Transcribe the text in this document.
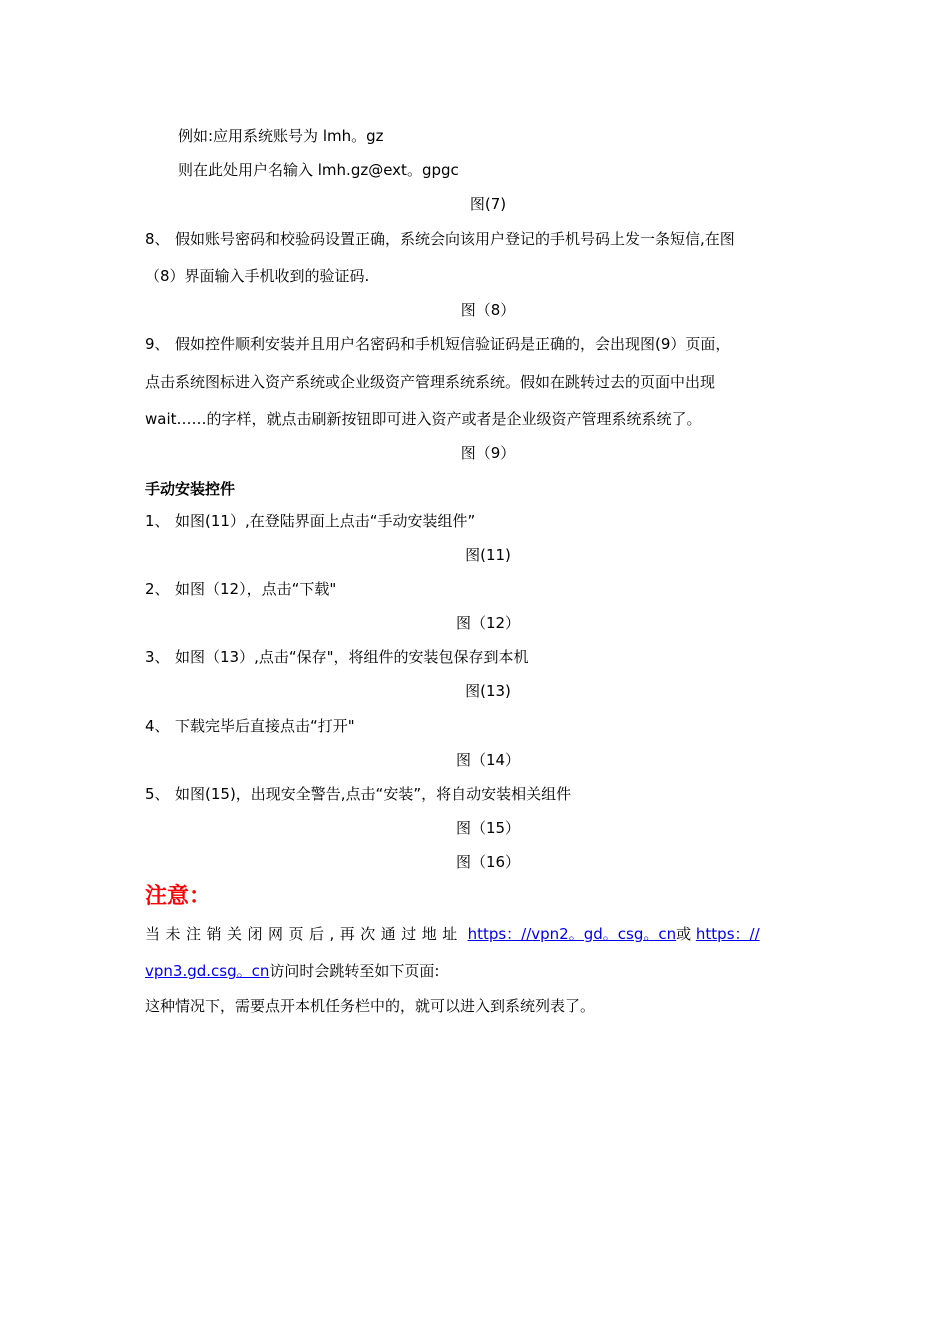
例如:应用系统账号为 lmh。gz
则在此处用户名输入 lmh.gz@ext。gpgc
图(7)
8、 假如账号密码和校验码设置正确，系统会向该用户登记的手机号码上发一条短信,在图
（8）界面输入手机收到的验证码.
图（8）
9、 假如控件顺利安装并且用户名密码和手机短信验证码是正确的，会出现图(9）页面，
点击系统图标进入资产系统或企业级资产管理系统系统。假如在跳转过去的页面中出现
wait……的字样，就点击刷新按钮即可进入资产或者是企业级资产管理系统系统了。
图（9）
手动安装控件
1、 如图(11）,在登陆界面上点击“手动安装组件”
图(11)
2、 如图（12），点击“下载"
图（12）
3、 如图（13）,点击“保存"，将组件的安装包保存到本机
图(13)
4、 下载完毕后直接点击“打开"
图（14）
5、 如图(15)，出现安全警告,点击“安装”，将自动安装相关组件
图（15）
图（16）
注意：
当未注销关闭网页后,再次通过地址 https：//vpn2。gd。csg。cn或 https：//
vpn3.gd.csg。cn访问时会跳转至如下页面:
这种情况下，需要点开本机任务栏中的，就可以进入到系统列表了。
